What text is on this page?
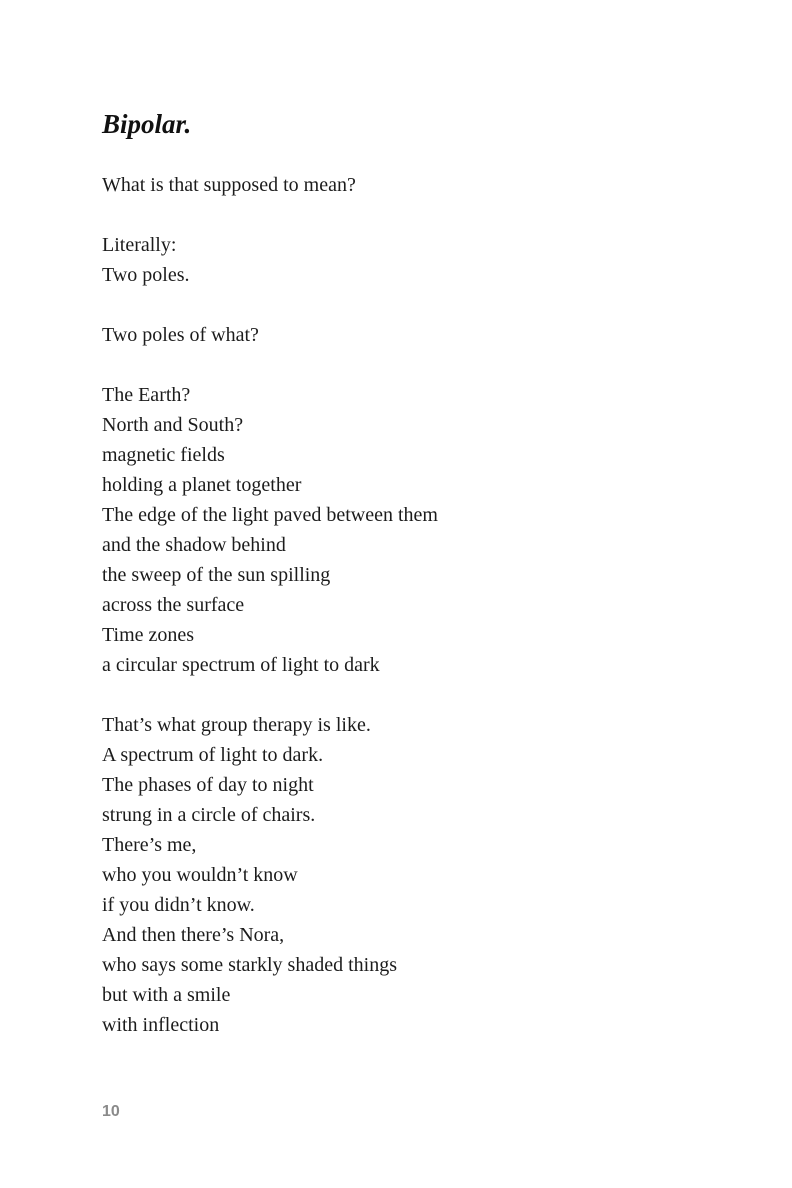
Bipolar.
What is that supposed to mean?
Literally:
Two poles.
Two poles of what?
The Earth?
North and South?
magnetic fields
holding a planet together
The edge of the light paved between them
and the shadow behind
the sweep of the sun spilling
across the surface
Time zones
a circular spectrum of light to dark
That’s what group therapy is like.
A spectrum of light to dark.
The phases of day to night
strung in a circle of chairs.
There’s me,
who you wouldn’t know
if you didn’t know.
And then there’s Nora,
who says some starkly shaded things
but with a smile
with inflection
10
